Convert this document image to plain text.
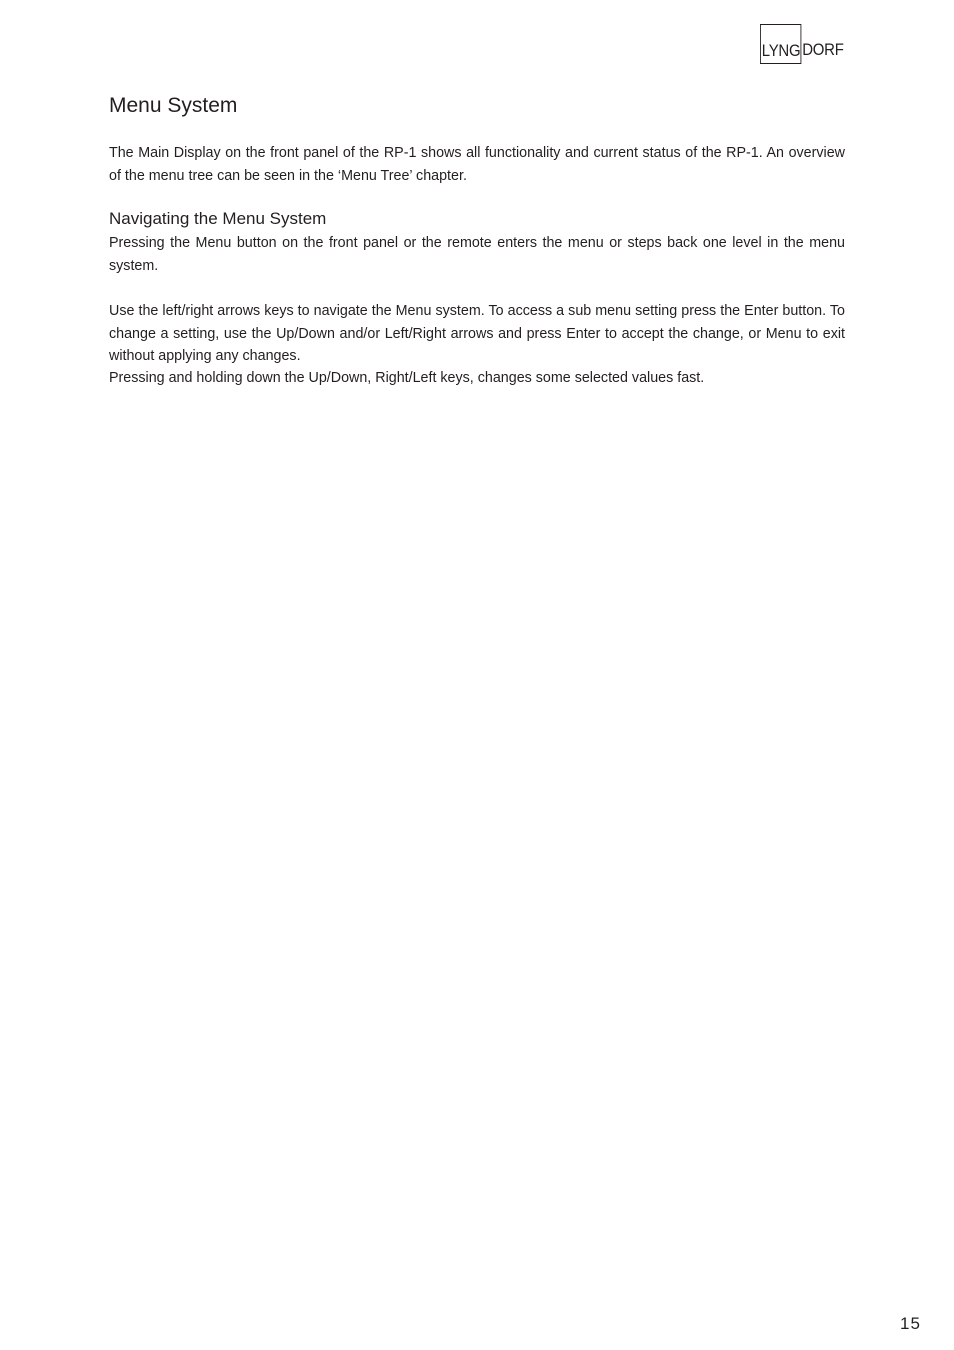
LYNG DORF
Menu System

The Main Display on the front panel of the RP-1 shows all functionality and current status of the RP-1. An overview of the menu tree can be seen in the ‘Menu Tree’ chapter.

Navigating the Menu System

Pressing the Menu button on the front panel or the remote enters the menu or steps back one level in the menu system.

Use the left/right arrows keys to navigate the Menu system. To access a sub menu setting press the Enter button. To change a setting, use the Up/Down and/or Left/Right arrows and press Enter to accept the change, or Menu to exit without applying any changes.

Pressing and holding down the Up/Down, Right/Left keys, changes some selected values fast.

15
